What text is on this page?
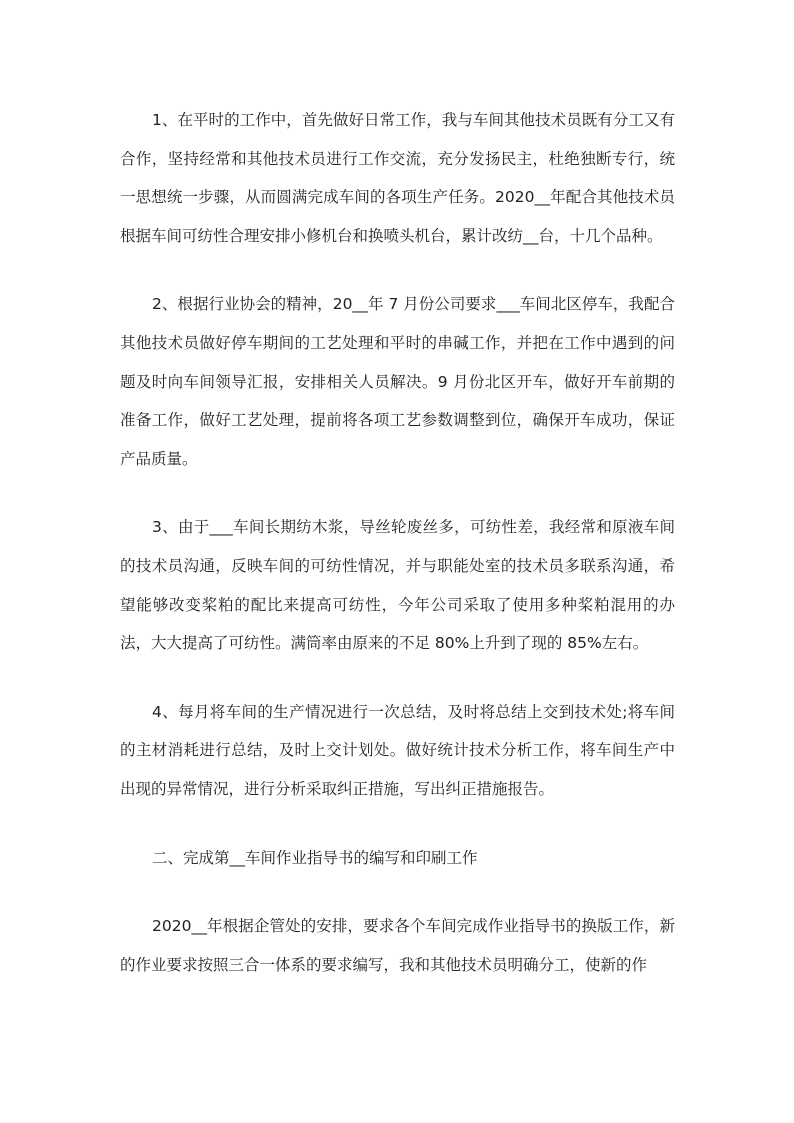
1、在平时的工作中，首先做好日常工作，我与车间其他技术员既有分工又有合作，坚持经常和其他技术员进行工作交流，充分发扬民主，杜绝独断专行，统一思想统一步骤，从而圆满完成车间的各项生产任务。2020__年配合其他技术员根据车间可纺性合理安排小修机台和换喷头机台，累计改纺__台，十几个品种。

2、根据行业协会的精神，20__年 7 月份公司要求___车间北区停车，我配合其他技术员做好停车期间的工艺处理和平时的串碱工作，并把在工作中遇到的问题及时向车间领导汇报，安排相关人员解决。9 月份北区开车，做好开车前期的准备工作，做好工艺处理，提前将各项工艺参数调整到位，确保开车成功，保证产品质量。

3、由于___车间长期纺木浆，导丝轮废丝多，可纺性差，我经常和原液车间的技术员沟通，反映车间的可纺性情况，并与职能处室的技术员多联系沟通，希望能够改变桨粕的配比来提高可纺性，今年公司采取了使用多种桨粕混用的办法，大大提高了可纺性。满筒率由原来的不足 80%上升到了现的 85%左右。

4、每月将车间的生产情况进行一次总结，及时将总结上交到技术处;将车间的主材消耗进行总结，及时上交计划处。做好统计技术分析工作，将车间生产中出现的异常情况，进行分析采取纠正措施，写出纠正措施报告。

二、完成第__车间作业指导书的编写和印刷工作

2020__年根据企管处的安排，要求各个车间完成作业指导书的换版工作，新的作业要求按照三合一体系的要求编写，我和其他技术员明确分工，使新的作
